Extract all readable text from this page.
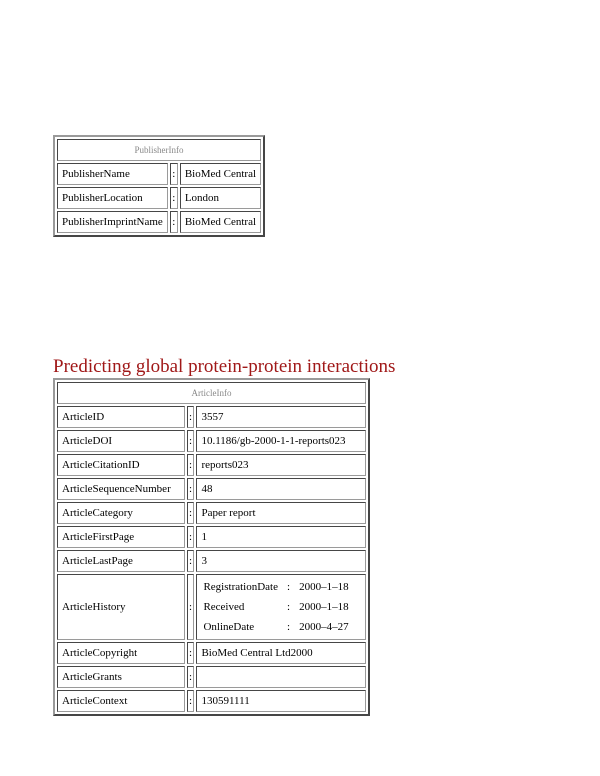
PublisherInfo		
PublisherName	:	BioMed Central
PublisherLocation	:	London
PublisherImprintName	:	BioMed Central
Predicting global protein-protein interactions
ArticleInfo
ArticleID	:	3557
ArticleDOI	:	10.1186/gb-2000-1-1-reports023
ArticleCitationID	:	reports023
ArticleSequenceNumber	:	48
ArticleCategory	:	Paper report
ArticleFirstPage	:	1
ArticleLastPage	:	3
ArticleHistory	:	
RegistrationDate	:	2000–1–18
Received	:	2000–1–18
OnlineDate	:	2000–4–27

ArticleCopyright	:	BioMed Central Ltd2000
ArticleGrants	:	
ArticleContext	:	130591111
